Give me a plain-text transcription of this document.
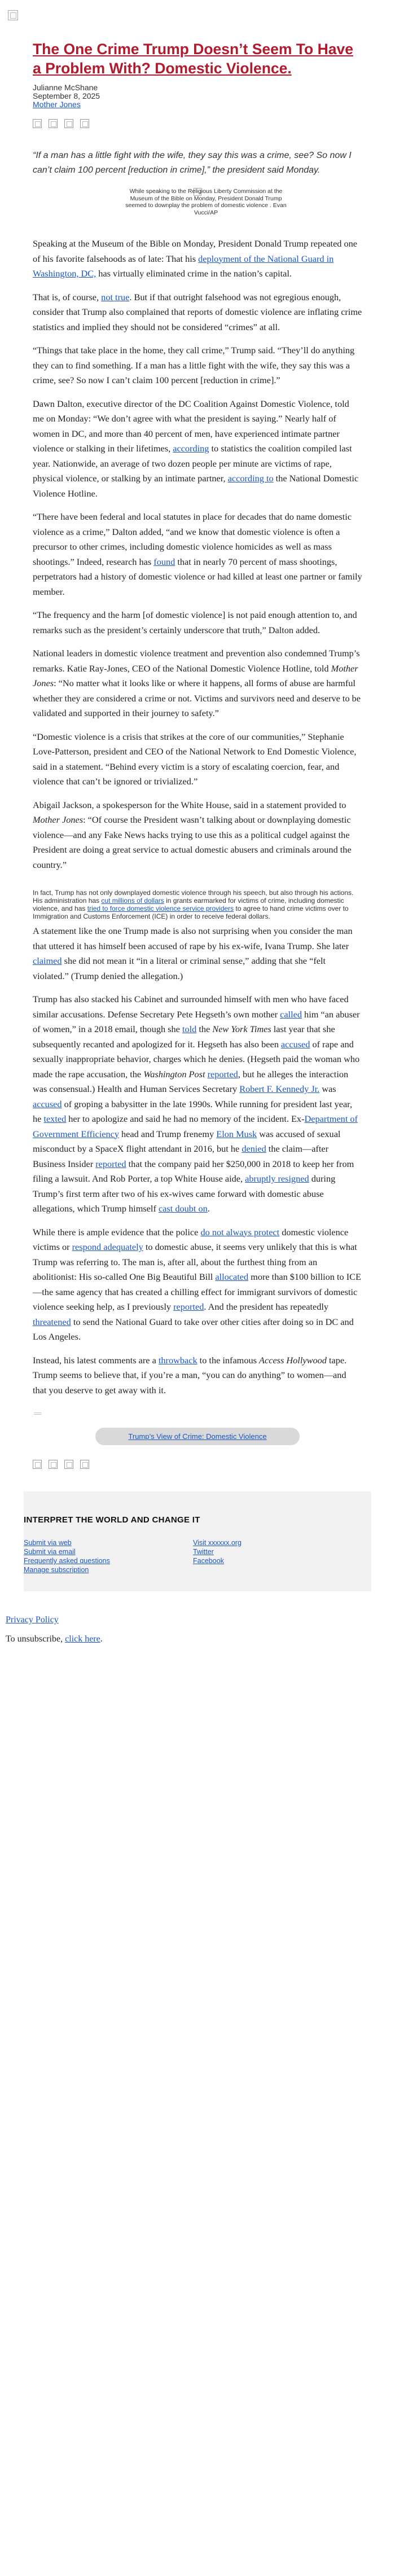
The One Crime Trump Doesn’t Seem To Have a Problem With? Domestic Violence.
Julianne McShane
September 8, 2025
Mother Jones

“If a man has a little fight with the wife, they say this was a crime, see? So now I can’t claim 100 percent [reduction in crime],” the president said Monday.

While speaking to the Religious Liberty Commission at the Museum of the Bible on Monday, President Donald Trump seemed to downplay the problem of domestic violence . Evan Vucci/AP

Speaking at the Museum of the Bible on Monday, President Donald Trump repeated one of his favorite falsehoods as of late: That his deployment of the National Guard in Washington, DC, has virtually eliminated crime in the nation’s capital.

That is, of course, not true. But if that outright falsehood was not egregious enough, consider that Trump also complained that reports of domestic violence are inflating crime statistics and implied they should not be considered “crimes” at all.

“Things that take place in the home, they call crime,” Trump said. “They’ll do anything they can to find something. If a man has a little fight with the wife, they say this was a crime, see? So now I can’t claim 100 percent [reduction in crime].”

Dawn Dalton, executive director of the DC Coalition Against Domestic Violence, told me on Monday: “We don’t agree with what the president is saying.” Nearly half of women in DC, and more than 40 percent of men, have experienced intimate partner violence or stalking in their lifetimes, according to statistics the coalition compiled last year. Nationwide, an average of two dozen people per minute are victims of rape, physical violence, or stalking by an intimate partner, according to the National Domestic Violence Hotline.

“There have been federal and local statutes in place for decades that do name domestic violence as a crime,” Dalton added, “and we know that domestic violence is often a precursor to other crimes, including domestic violence homicides as well as mass shootings.” Indeed, research has found that in nearly 70 percent of mass shootings, perpetrators had a history of domestic violence or had killed at least one partner or family member.

“The frequency and the harm [of domestic violence] is not paid enough attention to, and remarks such as the president’s certainly underscore that truth,” Dalton added.

National leaders in domestic violence treatment and prevention also condemned Trump’s remarks. Katie Ray-Jones, CEO of the National Domestic Violence Hotline, told Mother Jones: “No matter what it looks like or where it happens, all forms of abuse are harmful whether they are considered a crime or not. Victims and survivors need and deserve to be validated and supported in their journey to safety.”

“Domestic violence is a crisis that strikes at the core of our communities,” Stephanie Love-Patterson, president and CEO of the National Network to End Domestic Violence, said in a statement. “Behind every victim is a story of escalating coercion, fear, and violence that can’t be ignored or trivialized.”

Abigail Jackson, a spokesperson for the White House, said in a statement provided to Mother Jones: “Of course the President wasn’t talking about or downplaying domestic violence—and any Fake News hacks trying to use this as a political cudgel against the President are doing a great service to actual domestic abusers and criminals around the country.”

In fact, Trump has not only downplayed domestic violence through his speech, but also through his actions. His administration has cut millions of dollars in grants earmarked for victims of crime, including domestic violence, and has tried to force domestic violence service providers to agree to hand crime victims over to Immigration and Customs Enforcement (ICE) in order to receive federal dollars.

A statement like the one Trump made is also not surprising when you consider the man that uttered it has himself been accused of rape by his ex-wife, Ivana Trump. She later claimed she did not mean it “in a literal or criminal sense,” adding that she “felt violated.” (Trump denied the allegation.)

Trump has also stacked his Cabinet and surrounded himself with men who have faced similar accusations. Defense Secretary Pete Hegseth’s own mother called him “an abuser of women,” in a 2018 email, though she told the New York Times last year that she subsequently recanted and apologized for it. Hegseth has also been accused of rape and sexually inappropriate behavior, charges which he denies. (Hegseth paid the woman who made the rape accusation, the Washington Post reported, but he alleges the interaction was consensual.) Health and Human Services Secretary Robert F. Kennedy Jr. was accused of groping a babysitter in the late 1990s. While running for president last year, he texted her to apologize and said he had no memory of the incident. Ex-Department of Government Efficiency head and Trump frenemy Elon Musk was accused of sexual misconduct by a SpaceX flight attendant in 2016, but he denied the claim—after Business Insider reported that the company paid her $250,000 in 2018 to keep her from filing a lawsuit. And Rob Porter, a top White House aide, abruptly resigned during Trump’s first term after two of his ex-wives came forward with domestic abuse allegations, which Trump himself cast doubt on.

While there is ample evidence that the police do not always protect domestic violence victims or respond adequately to domestic abuse, it seems very unlikely that this is what Trump was referring to. The man is, after all, about the furthest thing from an abolitionist: His so-called One Big Beautiful Bill allocated more than $100 billion to ICE—the same agency that has created a chilling effect for immigrant survivors of domestic violence seeking help, as I previously reported. And the president has repeatedly threatened to send the National Guard to take over other cities after doing so in DC and Los Angeles.

Instead, his latest comments are a throwback to the infamous Access Hollywood tape. Trump seems to believe that, if you’re a man, “you can do anything” to women—and that you deserve to get away with it.

===
Trump’s View of Crime: Domestic Violence
INTERPRET THE WORLD AND CHANGE IT
Submit via web
Submit via email
Frequently asked questions
Manage subscription
Visit xxxxxx.org
Twitter
Facebook
Privacy Policy
To unsubscribe, click here.
